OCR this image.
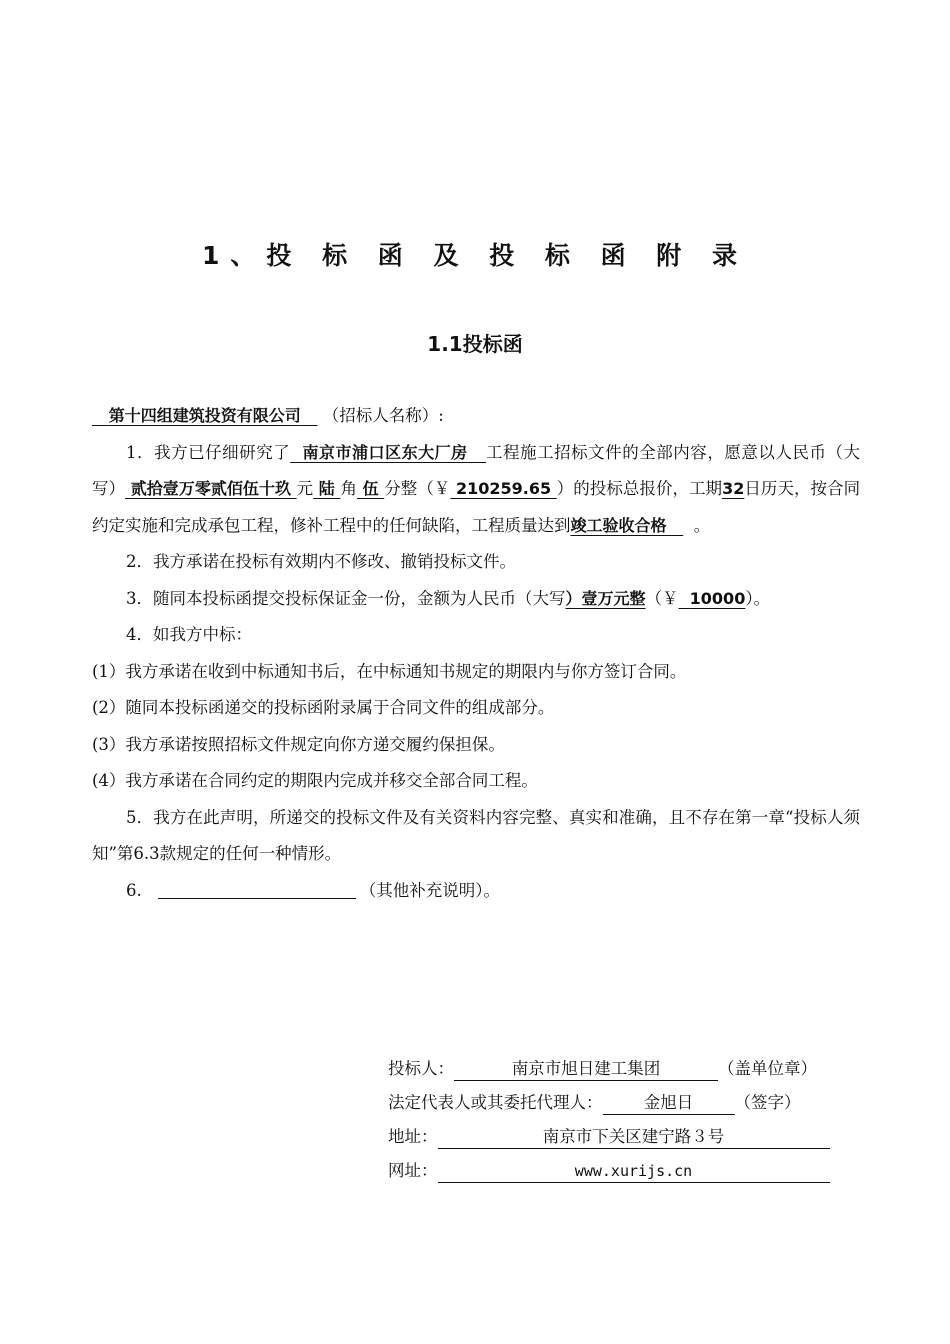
1、投 标 函 及 投 标 函 附 录
1.1投标函

第十四组建筑投资有限公司 （招标人名称）:

1．我方已仔细研究了 南京市浦口区东大厂房 工程施工招标文件的全部内容，愿意以人民币（大写） 贰拾壹万零贰佰伍十玖 元 陆 角 伍 分整（￥ 210259.65 ）的投标总报价，工期32日历天，按合同约定实施和完成承包工程，修补工程中的任何缺陷，工程质量达到竣工验收合格 。

2．我方承诺在投标有效期内不修改、撤销投标文件。

3．随同本投标函提交投标保证金一份，金额为人民币（大写）壹万元整（￥ 10000）。

4．如我方中标：

(1）我方承诺在收到中标通知书后，在中标通知书规定的期限内与你方签订合同。

(2）随同本投标函递交的投标函附录属于合同文件的组成部分。

(3）我方承诺按照招标文件规定向你方递交履约保担保。

(4）我方承诺在合同约定的期限内完成并移交全部合同工程。

5．我方在此声明，所递交的投标文件及有关资料内容完整、真实和准确，且不存在第一章“投标人须知”第6.3款规定的任何一种情形。

6.	（其他补充说明）。

投标人：	南京市旭日建工集团	（盖单位章）
法定代表人或其委托代理人：	金旭日	（签字）
地址：	南京市下关区建宁路３号
网址：	www.xurijs.cn
